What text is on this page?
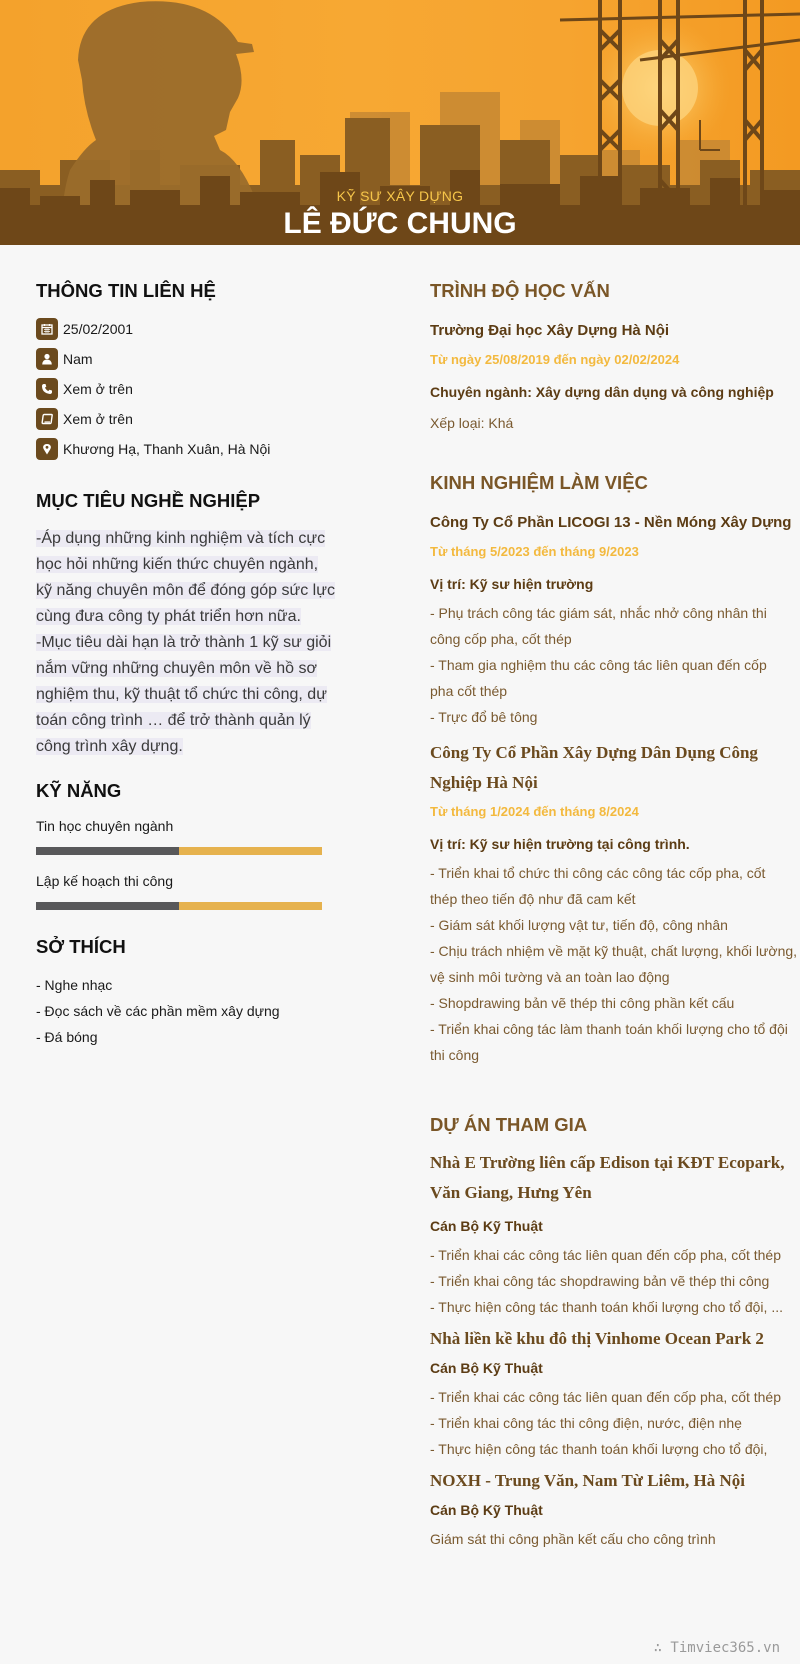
KỸ SƯ XÂY DỰNG
LÊ ĐỨC CHUNG
THÔNG TIN LIÊN HỆ
25/02/2001
Nam
Xem ở trên
Xem ở trên
Khương Hạ, Thanh Xuân, Hà Nội
MỤC TIÊU NGHỀ NGHIỆP
-Áp dụng những kinh nghiệm và tích cực
học hỏi những kiến thức chuyên ngành,
kỹ năng chuyên môn để đóng góp sức lực
cùng đưa công ty phát triển hơn nữa.
-Mục tiêu dài hạn là trở thành 1 kỹ sư giỏi
nắm vững những chuyên môn về hồ sơ
nghiệm thu, kỹ thuật tổ chức thi công, dự
toán công trình … để trở thành quản lý
công trình xây dựng.
KỸ NĂNG
Tin học chuyên ngành
Lập kế hoạch thi công
SỞ THÍCH
- Nghe nhạc
- Đọc sách về các phần mềm xây dựng
- Đá bóng
TRÌNH ĐỘ HỌC VẤN
Trường Đại học Xây Dựng Hà Nội
Từ ngày 25/08/2019 đến ngày 02/02/2024
Chuyên ngành: Xây dựng dân dụng và công nghiệp
Xếp loại: Khá
KINH NGHIỆM LÀM VIỆC
Công Ty Cổ Phần LICOGI 13 - Nền Móng Xây Dựng
Từ tháng 5/2023 đến tháng 9/2023
Vị trí: Kỹ sư hiện trường
- Phụ trách công tác giám sát, nhắc nhở công nhân thi
công cốp pha, cốt thép
- Tham gia nghiệm thu các công tác liên quan đến cốp
pha cốt thép
- Trực đổ bê tông
Công Ty Cổ Phần Xây Dựng Dân Dụng Công Nghiệp Hà Nội
Từ tháng 1/2024 đến tháng 8/2024
Vị trí: Kỹ sư hiện trường tại công trình.
- Triển khai tổ chức thi công các công tác cốp pha, cốt
thép theo tiến độ như đã cam kết
- Giám sát khối lượng vật tư, tiến độ, công nhân
- Chịu trách nhiệm về mặt kỹ thuật, chất lượng, khối lường,
vệ sinh môi tường và an toàn lao động
- Shopdrawing bản vẽ thép thi công phần kết cấu
- Triển khai công tác làm thanh toán khối lượng cho tổ đội
thi công
DỰ ÁN THAM GIA
Nhà E Trường liên cấp Edison tại KĐT Ecopark, Văn Giang, Hưng Yên
Cán Bộ Kỹ Thuật
- Triển khai các công tác liên quan đến cốp pha, cốt thép
- Triển khai công tác shopdrawing bản vẽ thép thi công
- Thực hiện công tác thanh toán khối lượng cho tổ đội, ...
Nhà liền kề khu đô thị Vinhome Ocean Park 2
Cán Bộ Kỹ Thuật
- Triển khai các công tác liên quan đến cốp pha, cốt thép
- Triển khai công tác thi công điện, nước, điện nhẹ
- Thực hiện công tác thanh toán khối lượng cho tổ đội,
NOXH - Trung Văn, Nam Từ Liêm, Hà Nội
Cán Bộ Kỹ Thuật
Giám sát thi công phần kết cấu cho công trình
∴ Timviec365.vn
